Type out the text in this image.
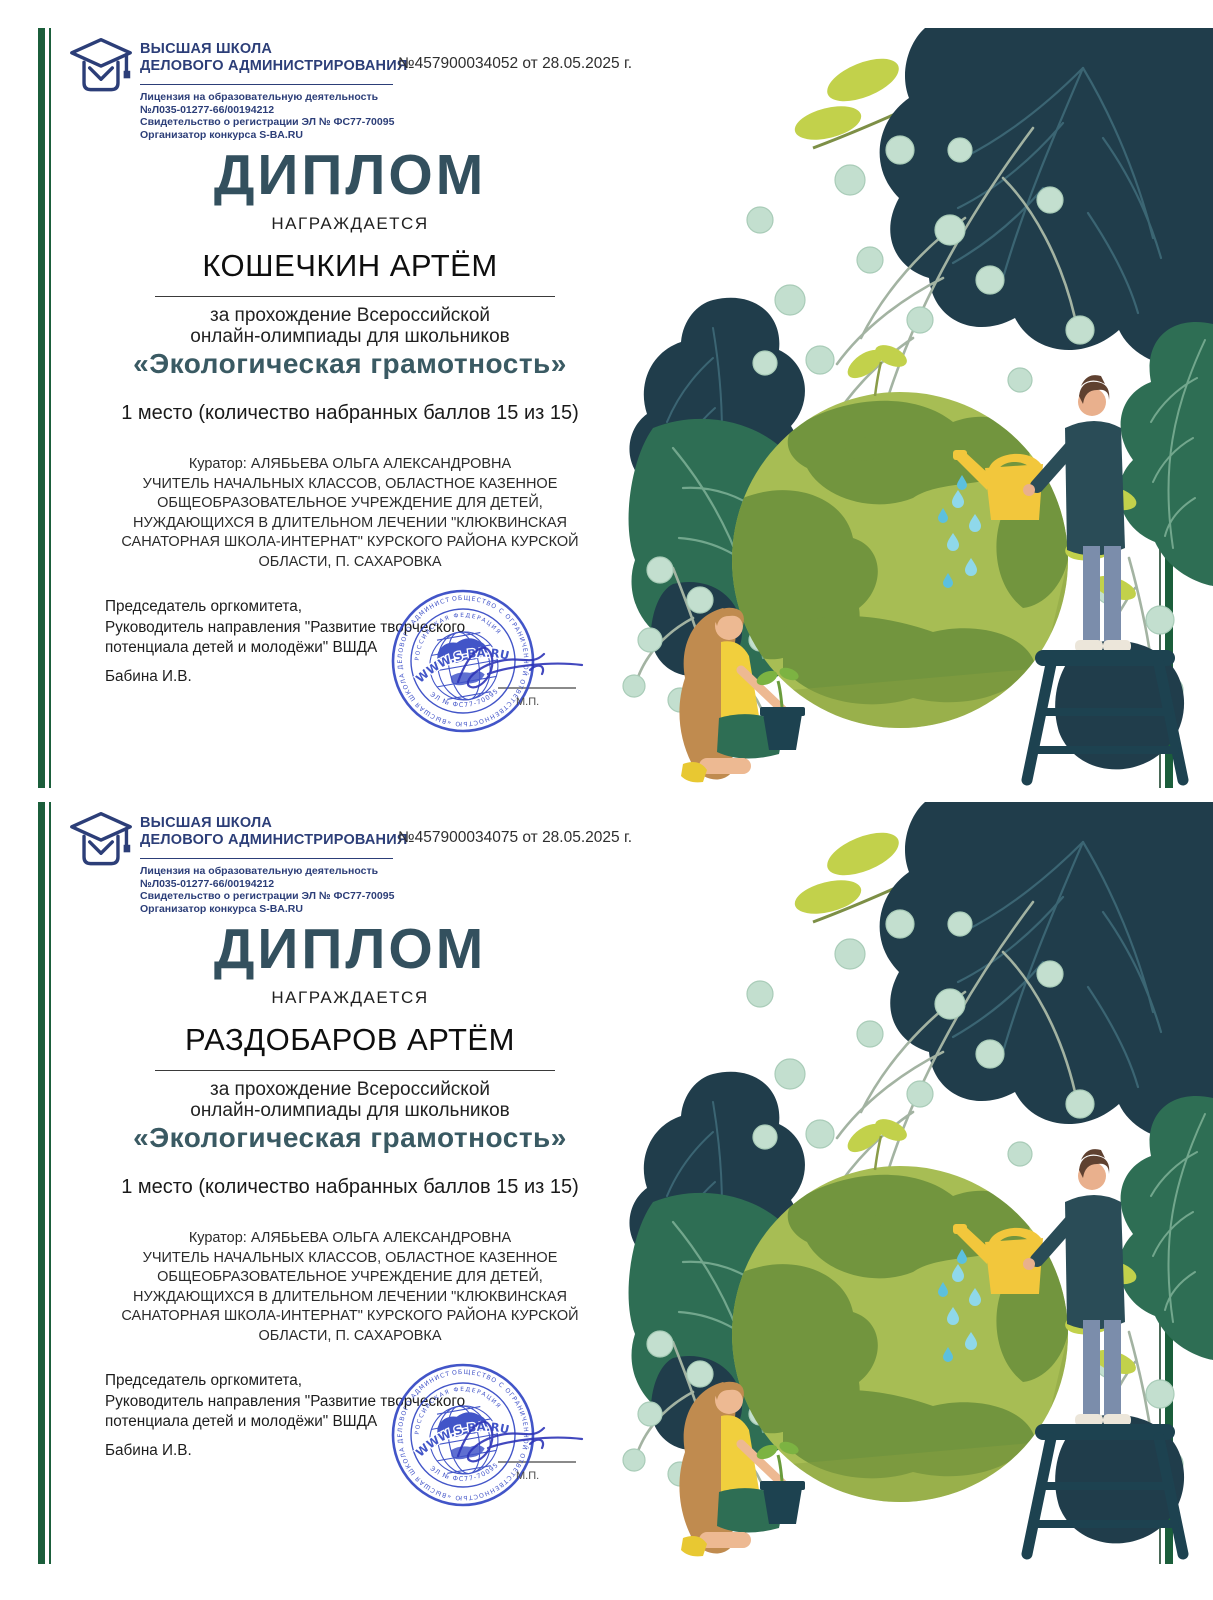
ВЫСШАЯ ШКОЛА
ДЕЛОВОГО АДМИНИСТРИРОВАНИЯ
Лицензия на образовательную деятельность
№Л035-01277-66/00194212
Свидетельство о регистрации ЭЛ № ФС77-70095
Организатор конкурса S-BA.RU
№457900034052 от 28.05.2025 г.
ДИПЛОМ
НАГРАЖДАЕТСЯ
КОШЕЧКИН АРТЁМ
за прохождение Всероссийской
онлайн-олимпиады для школьников
«Экологическая грамотность»
1 место (количество набранных баллов 15 из 15)
Куратор: АЛЯБЬЕВА ОЛЬГА АЛЕКСАНДРОВНА
УЧИТЕЛЬ НАЧАЛЬНЫХ КЛАССОВ, ОБЛАСТНОЕ КАЗЕННОЕ
ОБЩЕОБРАЗОВАТЕЛЬНОЕ УЧРЕЖДЕНИЕ ДЛЯ ДЕТЕЙ,
НУЖДАЮЩИХСЯ В ДЛИТЕЛЬНОМ ЛЕЧЕНИИ "КЛЮКВИНСКАЯ
САНАТОРНАЯ ШКОЛА-ИНТЕРНАТ" КУРСКОГО РАЙОНА КУРСКОЙ
ОБЛАСТИ, П. САХАРОВКА
Председатель оргкомитета,
Руководитель направления "Развитие творческого
потенциала детей и молодёжи" ВШДА
Бабина И.В.
М.П.
ВЫСШАЯ ШКОЛА
ДЕЛОВОГО АДМИНИСТРИРОВАНИЯ
Лицензия на образовательную деятельность
№Л035-01277-66/00194212
Свидетельство о регистрации ЭЛ № ФС77-70095
Организатор конкурса S-BA.RU
№457900034075 от 28.05.2025 г.
ДИПЛОМ
НАГРАЖДАЕТСЯ
РАЗДОБАРОВ АРТЁМ
за прохождение Всероссийской
онлайн-олимпиады для школьников
«Экологическая грамотность»
1 место (количество набранных баллов 15 из 15)
Куратор: АЛЯБЬЕВА ОЛЬГА АЛЕКСАНДРОВНА
УЧИТЕЛЬ НАЧАЛЬНЫХ КЛАССОВ, ОБЛАСТНОЕ КАЗЕННОЕ
ОБЩЕОБРАЗОВАТЕЛЬНОЕ УЧРЕЖДЕНИЕ ДЛЯ ДЕТЕЙ,
НУЖДАЮЩИХСЯ В ДЛИТЕЛЬНОМ ЛЕЧЕНИИ "КЛЮКВИНСКАЯ
САНАТОРНАЯ ШКОЛА-ИНТЕРНАТ" КУРСКОГО РАЙОНА КУРСКОЙ
ОБЛАСТИ, П. САХАРОВКА
Председатель оргкомитета,
Руководитель направления "Развитие творческого
потенциала детей и молодёжи" ВШДА
Бабина И.В.
М.П.
